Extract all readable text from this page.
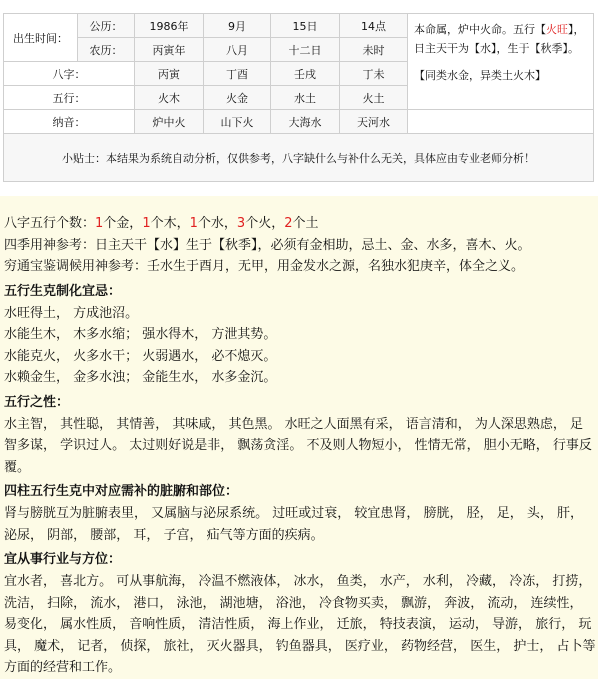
出生时间：	公历：	1986年	9月	15日	14点	本命属，炉中火命。五行【火旺】，日主天干为【水】，生于【秋季】。
【同类水金，异类土火木】

	农历：	丙寅年	八月	十二日	未时	
八字：		丙寅	丁酉	壬戌	丁未	
五行：		火木	火金	水土	火土	
纳音：		炉中火	山下火	大海水	天河水	
小贴士：本结果为系统自动分析，仅供参考，八字缺什么与补什么无关，具体应由专业老师分析！						
八字五行个数：1个金，1个木，1个水，3个火，2个土
四季用神参考：日主天干【水】生于【秋季】，必须有金相助，忌土、金、水多，喜木、火。
穷通宝鉴调候用神参考：壬水生于酉月，无甲，用金发水之源，名独水犯庚辛，体全之义。
五行生克制化宜忌：
水旺得土， 方成池沼。
水能生木， 木多水缩； 强水得木， 方泄其势。
水能克火， 火多水干； 火弱遇水， 必不熄灭。
水赖金生， 金多水浊； 金能生水， 水多金沉。
五行之性：
水主智， 其性聪， 其情善， 其味咸， 其色黑。 水旺之人面黑有采， 语言清和， 为人深思熟虑， 足智多谋， 学识过人。 太过则好说是非， 飘荡贪淫。 不及则人物短小， 性情无常， 胆小无略， 行事反覆。
四柱五行生克中对应需补的脏腑和部位：
肾与膀胱互为脏腑表里， 又属脑与泌尿系统。 过旺或过衰， 较宜患肾， 膀胱， 胫， 足， 头， 肝， 泌尿， 阴部， 腰部， 耳， 子宫， 疝气等方面的疾病。
宜从事行业与方位：
宜水者， 喜北方。 可从事航海， 冷温不燃液体， 冰水， 鱼类， 水产， 水利， 冷藏， 冷冻， 打捞， 洗洁， 扫除， 流水， 港口， 泳池， 湖池塘， 浴池， 冷食物买卖， 飘游， 奔波， 流动， 连续性， 易变化， 属水性质， 音响性质， 清洁性质， 海上作业， 迁旅， 特技表演， 运动， 导游， 旅行， 玩具， 魔术， 记者， 侦探， 旅社， 灭火器具， 钓鱼器具， 医疗业， 药物经营， 医生， 护士， 占卜等方面的经营和工作。
